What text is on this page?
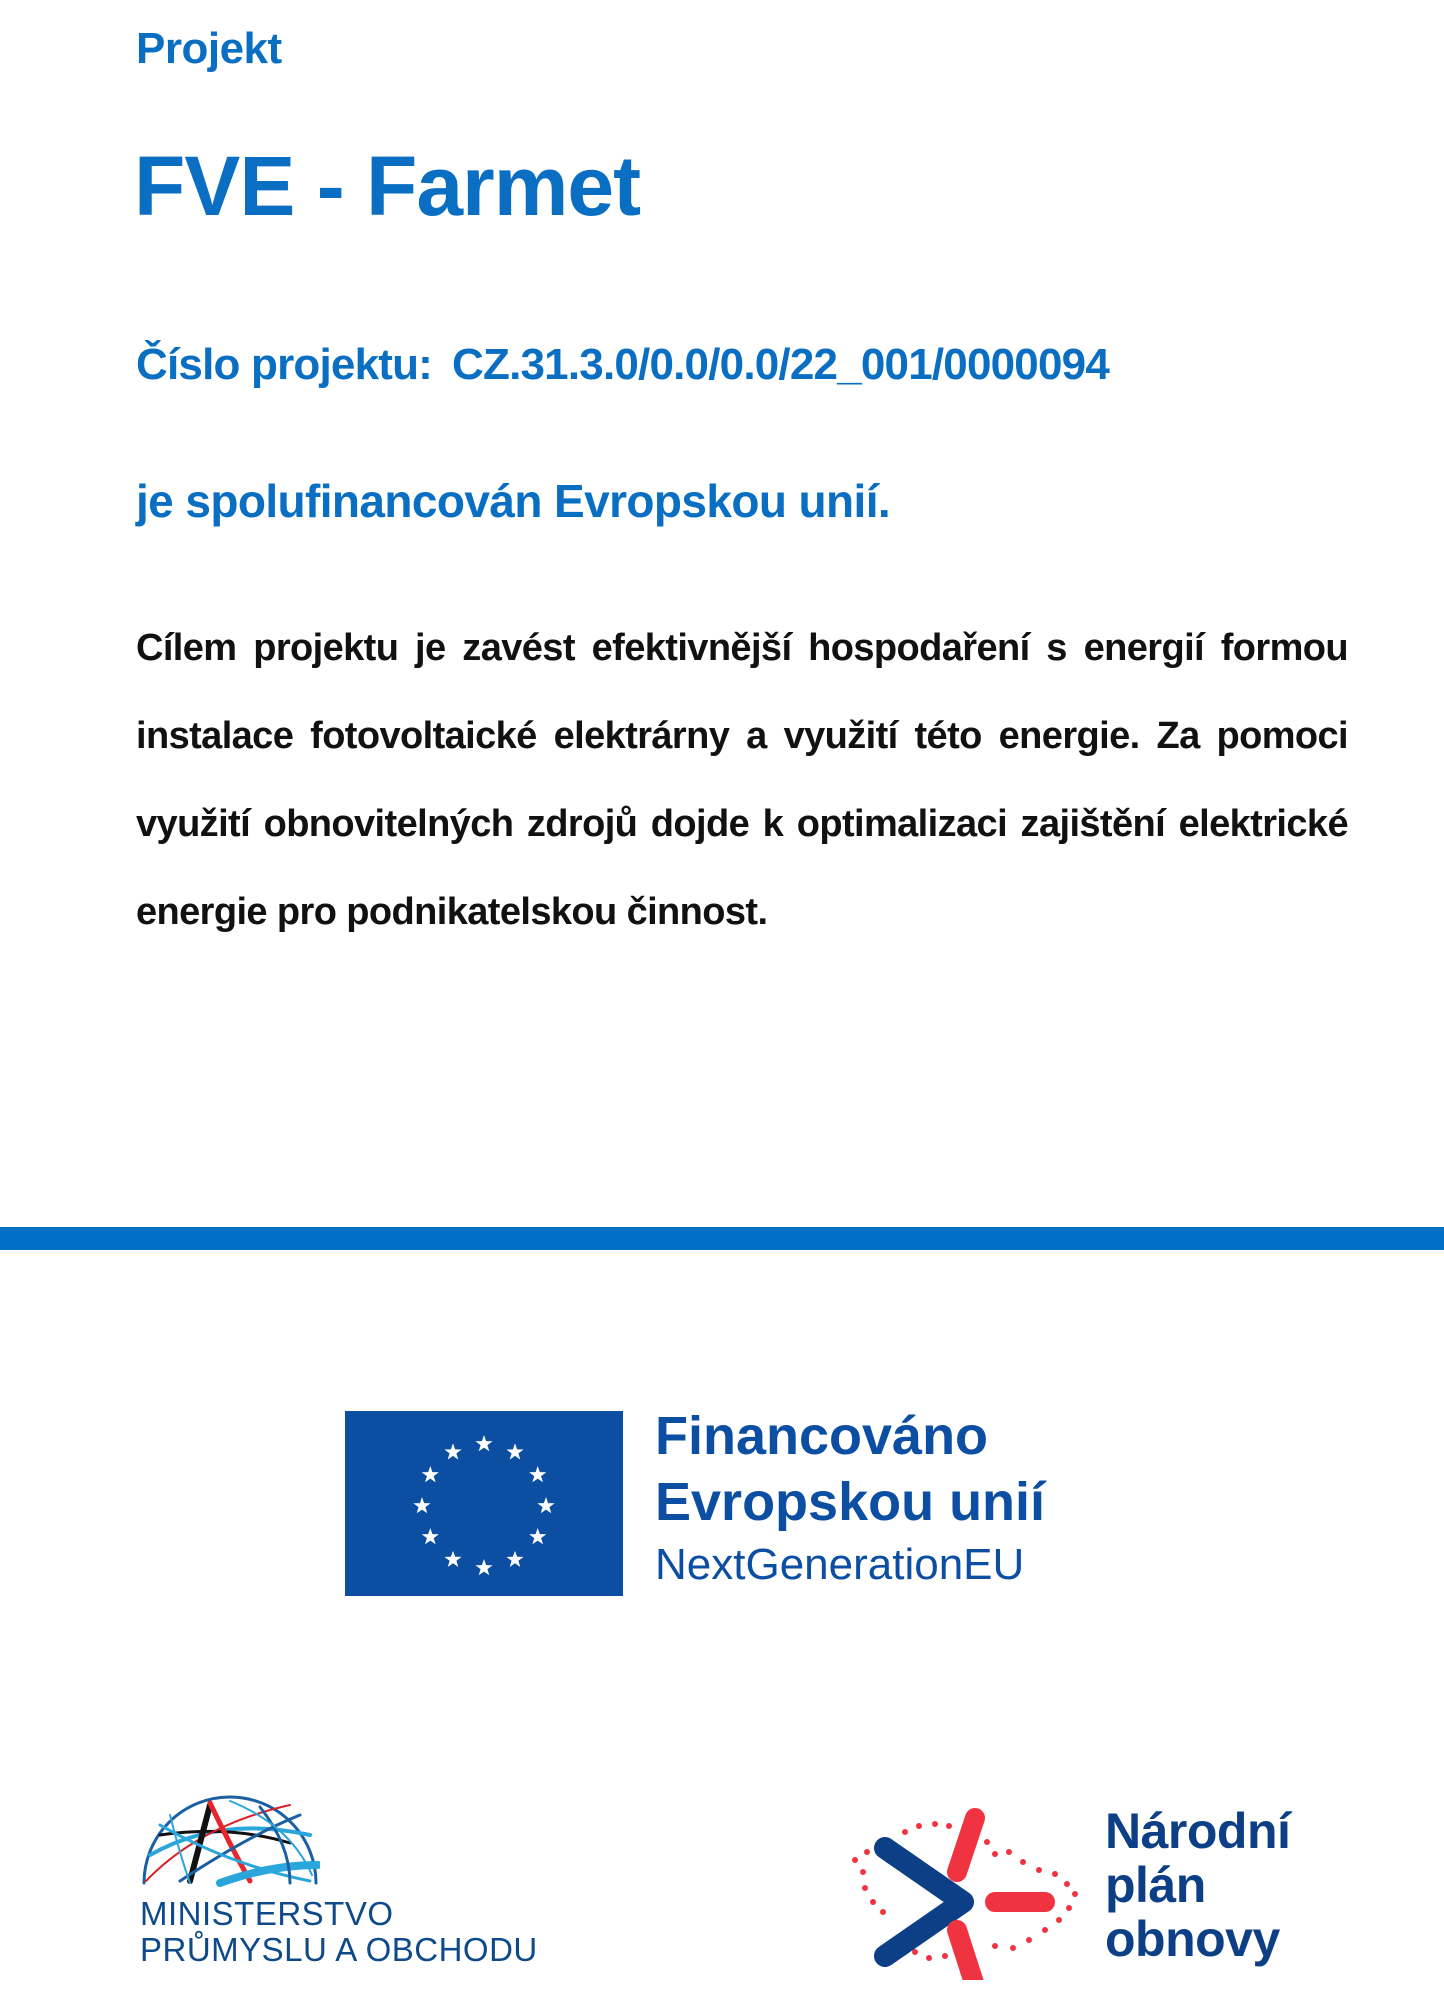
Projekt
FVE - Farmet
Číslo projektu: CZ.31.3.0/0.0/0.0/22_001/0000094
je spolufinancován Evropskou unií.

Cílem projektu je zavést efektivnější hospodaření s energií formou instalace fotovoltaické elektrárny a využití této energie. Za pomoci využití obnovitelných zdrojů dojde k optimalizaci zajištění elektrické energie pro podnikatelskou činnost.

Financováno
Evropskou unií
NextGenerationEU
MINISTERSTVO
PRŮMYSLU A OBCHODU
Národní
plán
obnovy
